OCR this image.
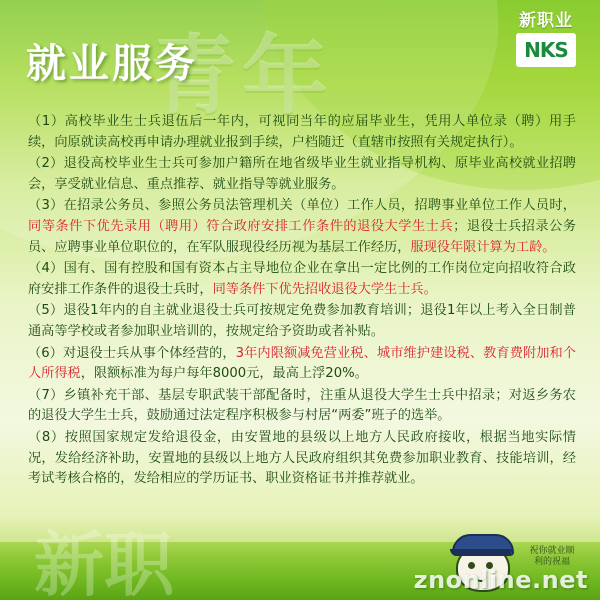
青年
新职业
NKS
就业服务

（1）高校毕业生士兵退伍后一年内，可视同当年的应届毕业生，凭用人单位录（聘）用手续，向原就读高校再申请办理就业报到手续，户档随迁（直辖市按照有关规定执行）。

（2）退役高校毕业生士兵可参加户籍所在地省级毕业生就业指导机构、原毕业高校就业招聘会，享受就业信息、重点推荐、就业指导等就业服务。

（3）在招录公务员、参照公务员法管理机关（单位）工作人员，招聘事业单位工作人员时，同等条件下优先录用（聘用）符合政府安排工作条件的退役大学生士兵；退役士兵招录公务员、应聘事业单位职位的，在军队服现役经历视为基层工作经历，服现役年限计算为工龄。

（4）国有、国有控股和国有资本占主导地位企业在拿出一定比例的工作岗位定向招收符合政府安排工作条件的退役士兵时，同等条件下优先招收退役大学生士兵。

（5）退役1年内的自主就业退役士兵可按规定免费参加教育培训；退役1年以上考入全日制普通高等学校或者参加职业培训的，按规定给予资助或者补贴。

（6）对退役士兵从事个体经营的，3年内限额减免营业税、城市维护建设税、教育费附加和个人所得税，限额标准为每户每年8000元，最高上浮20%。

（7）乡镇补充干部、基层专职武装干部配备时，注重从退役大学生士兵中招录；对返乡务农的退役大学生士兵，鼓励通过法定程序积极参与村居“两委”班子的选举。

（8）按照国家规定发给退役金，由安置地的县级以上地方人民政府接收，根据当地实际情况，发给经济补助，安置地的县级以上地方人民政府组织其免费参加职业教育、技能培训，经考试考核合格的，发给相应的学历证书、职业资格证书并推荐就业。

新职	祝你就业顺利的祝福
znonline.net
